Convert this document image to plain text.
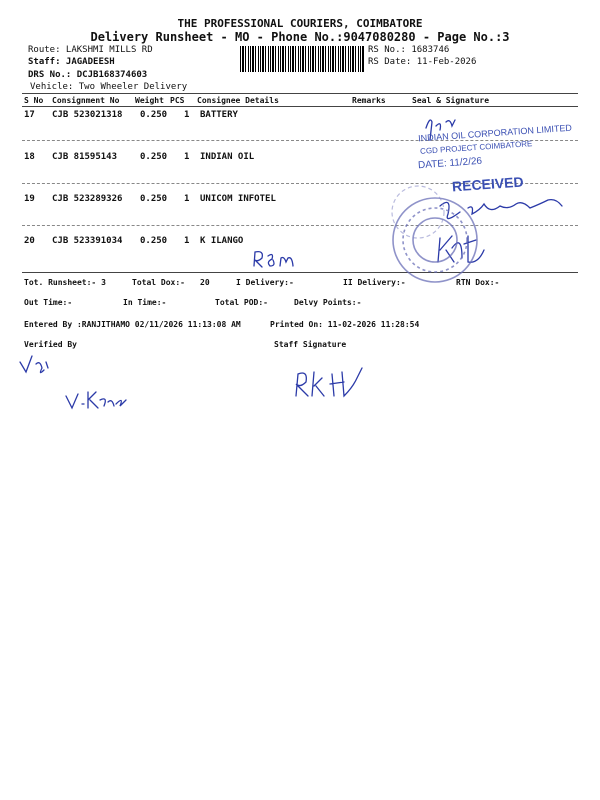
THE PROFESSIONAL COURIERS, COIMBATORE
Delivery Runsheet - MO - Phone No.:9047080280 - Page No.:3
Route: LAKSHMI MILLS RD
Staff: JAGADEESH
DRS No.: DCJB168374603
Vehicle: Two Wheeler Delivery
RS No.: 1683746
RS Date: 11-Feb-2026
S No Consignment No Weight PCS Consignee Details	Remarks	Seal & Signature
17 CJB 523021318 0.250 1 BATTERY
18 CJB 81595143	0.250 1 INDIAN OIL
19 CJB 523289326 0.250 1 UNICOM INFOTEL
20 CJB 523391034 0.250 1 K ILANGO
Tot. Runsheet:- 3	Total Dox:- 20	I Delivery:-	II Delivery:-	RTN Dox:-
Out Time:-	In Time:-	Total POD:-	Delvy Points:-
Entered By :RANJITHAMO 02/11/2026 11:13:08 AM	Printed On: 11-02-2026 11:28:54
Verified By	Staff Signature
INDIAN OIL CORPORATION LIMITED
CGD PROJECT COIMBATORE
DATE: 11/2/26
RECEIVED
